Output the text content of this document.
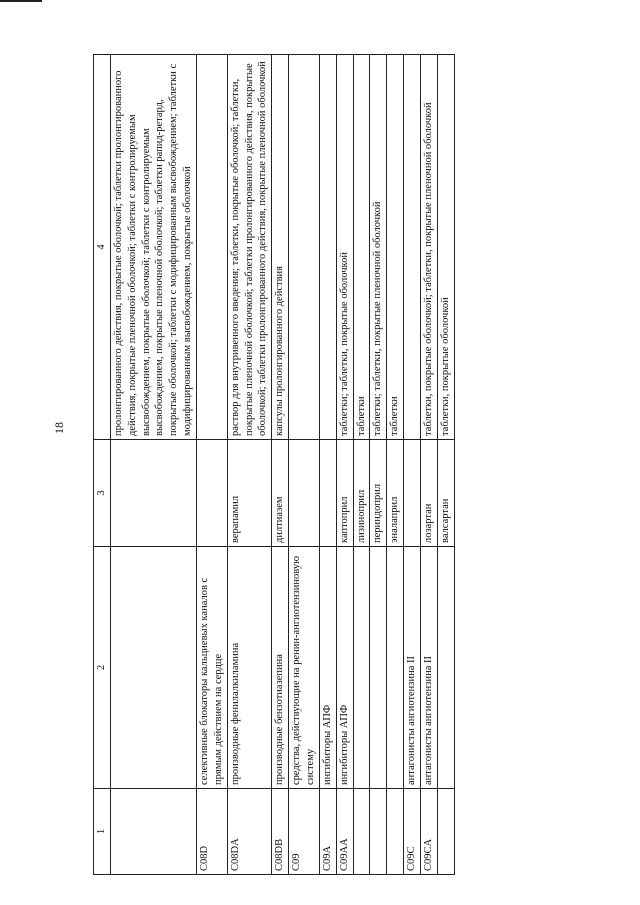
18
1	2	3	4
			пролонгированного действия, покрытые оболочкой; таблетки пролонгированного действия, покрытые пленочной оболочкой; таблетки с контролируемым высвобождением, покрытые оболочкой; таблетки с контролируемым высвобождением, покрытые пленочной оболочкой; таблетки рапид-ретард, покрытые оболочкой; таблетки с модифицированным высвобождением; таблетки с модифицированным высвобождением, покрытые оболочкой
C08D	селективные блокаторы кальциевых каналов с прямым действием на сердце		
C08DA	производные фенилалкиламина	верапамил	раствор для внутривенного введения; таблетки, покрытые оболочкой; таблетки, покрытые пленочной оболочкой; таблетки пролонгированного действия, покрытые оболочкой; таблетки пролонгированного действия, покрытые пленочной оболочкой
C08DB	производные бензотиазепина	дилтиазем	капсулы пролонгированного действия
C09	средства, действующие на ренин-ангиотензиновую систему		
C09A	ингибиторы АПФ		
C09AA	ингибиторы АПФ	каптоприл	таблетки; таблетки, покрытые оболочкой
		лизиноприл	таблетки
		периндоприл	таблетки; таблетки, покрытые пленочной оболочкой
		эналаприл	таблетки
C09C	антагонисты ангиотензина II		
C09CA	антагонисты ангиотензина II	лозартан	таблетки, покрытые оболочкой; таблетки, покрытые пленочной оболочкой
		валсартан	таблетки, покрытые оболочкой
